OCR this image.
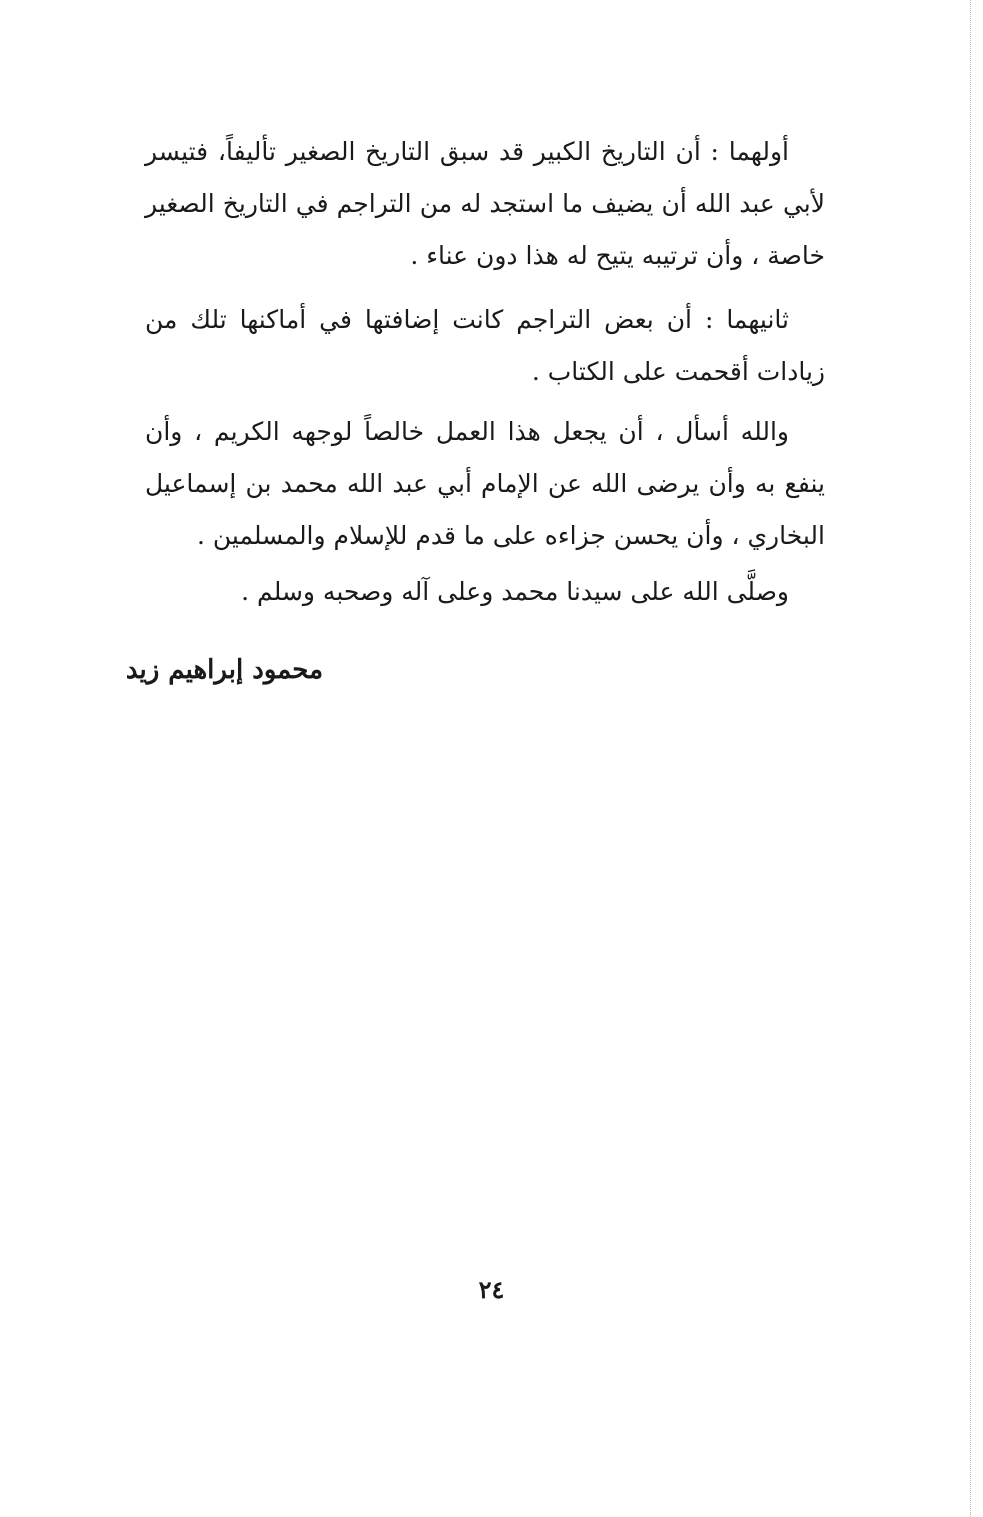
أولهما : أن التاريخ الكبير قد سبق التاريخ الصغير تأليفاً، فتيسر لأبي عبد الله أن يضيف ما استجد له من التراجم في التاريخ الصغير خاصة ، وأن ترتيبه يتيح له هذا دون عناء .

ثانيهما : أن بعض التراجم كانت إضافتها في أماكنها تلك من زيادات أقحمت على الكتاب .

والله أسأل ، أن يجعل هذا العمل خالصاً لوجهه الكريم ، وأن ينفع به وأن يرضى الله عن الإمام أبي عبد الله محمد بن إسماعيل البخاري ، وأن يحسن جزاءه على ما قدم للإسلام والمسلمين .

وصلَّى الله على سيدنا محمد وعلى آله وصحبه وسلم .

محمود إبراهيم زيد
٢٤
